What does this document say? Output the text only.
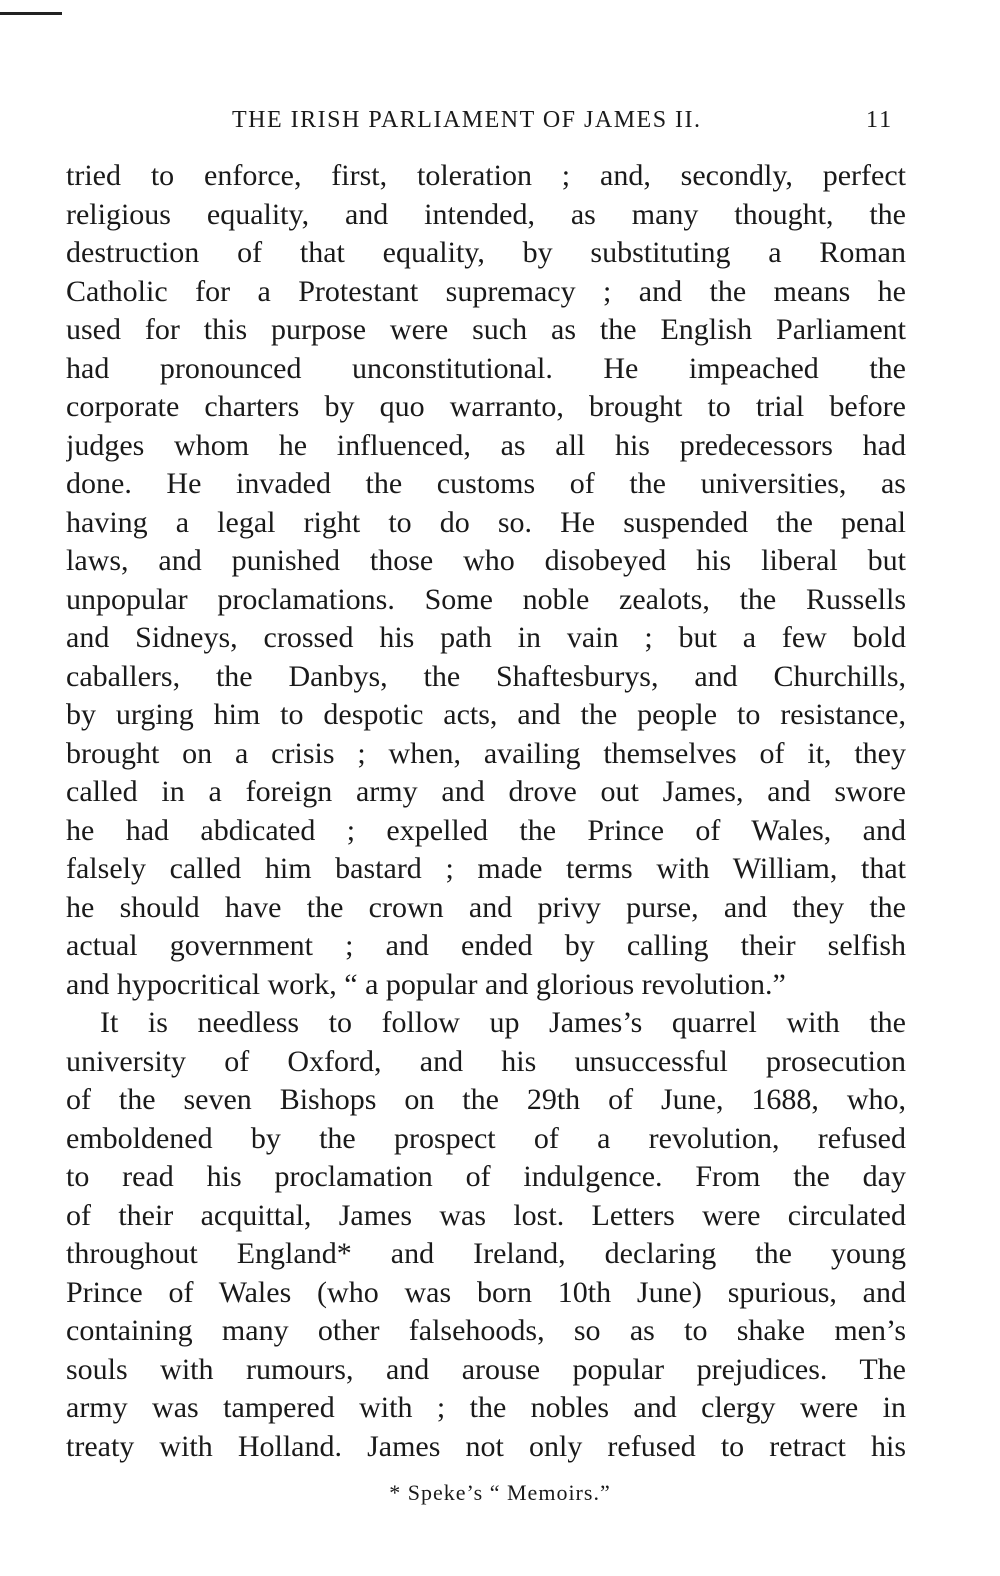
THE IRISH PARLIAMENT OF JAMES II.	11
tried to enforce, first, toleration ; and, secondly, perfect
religious equality, and intended, as many thought, the
destruction of that equality, by substituting a Roman
Catholic for a Protestant supremacy ; and the means he
used for this purpose were such as the English Parliament
had pronounced unconstitutional. He impeached the
corporate charters by quo warranto, brought to trial before
judges whom he influenced, as all his predecessors had
done. He invaded the customs of the universities, as
having a legal right to do so. He suspended the penal
laws, and punished those who disobeyed his liberal but
unpopular proclamations. Some noble zealots, the Russells
and Sidneys, crossed his path in vain ; but a few bold
caballers, the Danbys, the Shaftesburys, and Churchills,
by urging him to despotic acts, and the people to resistance,
brought on a crisis ; when, availing themselves of it, they
called in a foreign army and drove out James, and swore
he had abdicated ; expelled the Prince of Wales, and
falsely called him bastard ; made terms with William, that
he should have the crown and privy purse, and they the
actual government ; and ended by calling their selfish
and hypocritical work, “ a popular and glorious revolution.”
It is needless to follow up James’s quarrel with the
university of Oxford, and his unsuccessful prosecution
of the seven Bishops on the 29th of June, 1688, who,
emboldened by the prospect of a revolution, refused
to read his proclamation of indulgence. From the day
of their acquittal, James was lost. Letters were circulated
throughout England* and Ireland, declaring the young
Prince of Wales (who was born 10th June) spurious, and
containing many other falsehoods, so as to shake men’s
souls with rumours, and arouse popular prejudices. The
army was tampered with ; the nobles and clergy were in
treaty with Holland. James not only refused to retract his
* Speke’s “ Memoirs.”
